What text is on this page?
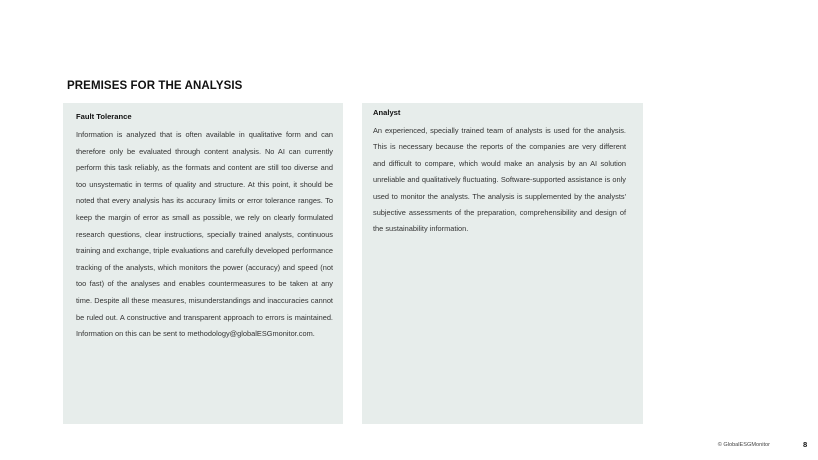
PREMISES FOR THE ANALYSIS
Fault Tolerance

Information is analyzed that is often available in qualitative form and can therefore only be evaluated through content analysis. No AI can currently perform this task reliably, as the formats and content are still too diverse and too unsystematic in terms of quality and structure. At this point, it should be noted that every analysis has its accuracy limits or error tolerance ranges. To keep the margin of error as small as possible, we rely on clearly formulated research questions, clear instructions, specially trained analysts, continuous training and exchange, triple evaluations and carefully developed performance tracking of the analysts, which monitors the power (accuracy) and speed (not too fast) of the analyses and enables countermeasures to be taken at any time. Despite all these measures, misunderstandings and inaccuracies cannot be ruled out. A constructive and transparent approach to errors is maintained. Information on this can be sent to methodology@globalESGmonitor.com.

Analyst

An experienced, specially trained team of analysts is used for the analysis. This is necessary because the reports of the companies are very different and difficult to compare, which would make an analysis by an AI solution unreliable and qualitatively fluctuating. Software-supported assistance is only used to monitor the analysts. The analysis is supplemented by the analysts' subjective assessments of the preparation, comprehensibility and design of the sustainability information.

© GlobalESGMonitor	8
